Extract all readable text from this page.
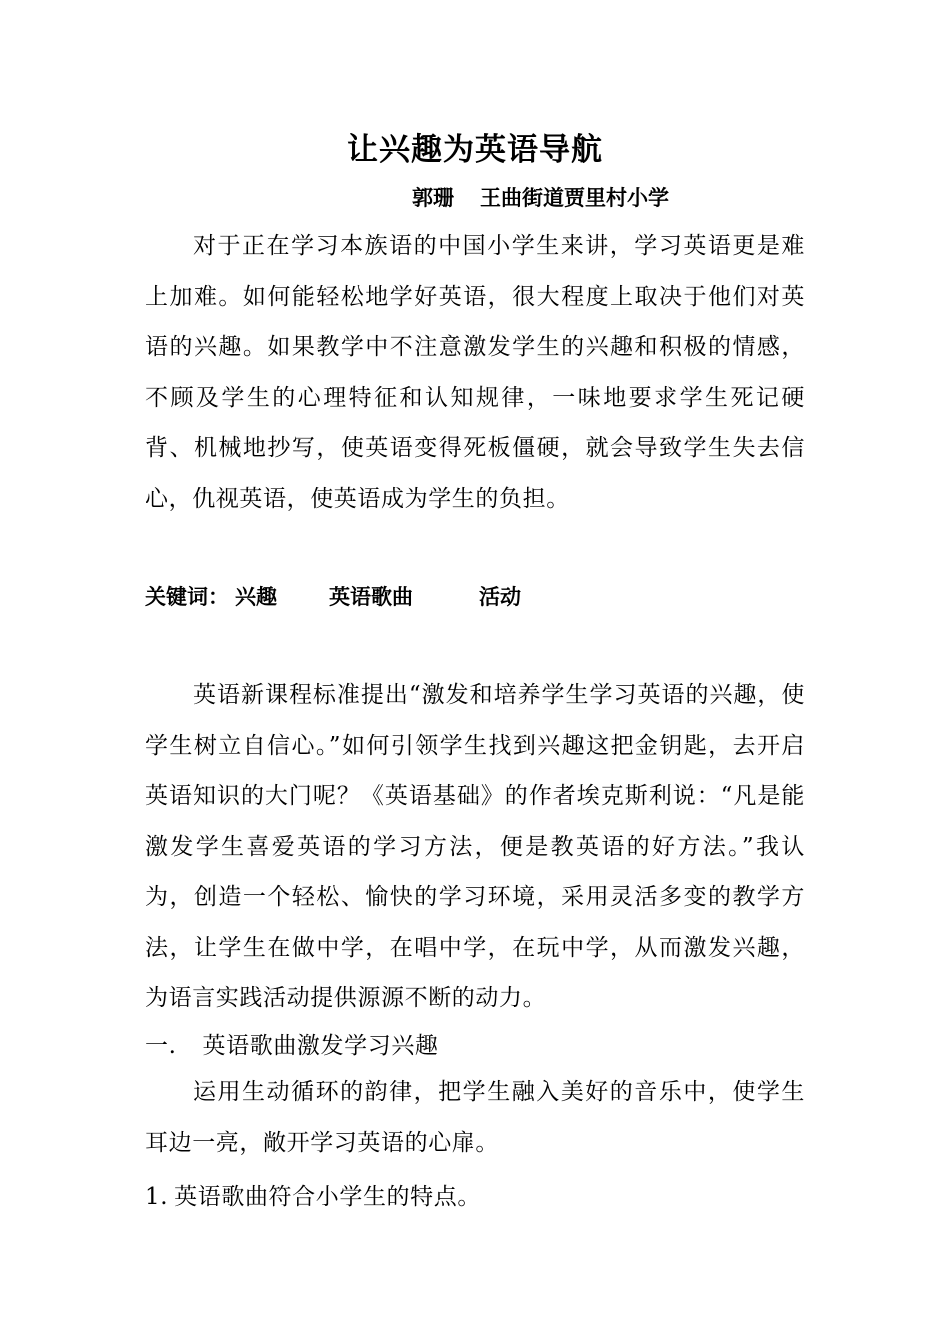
让兴趣为英语导航
郭珊 王曲街道贾里村小学

对于正在学习本族语的中国小学生来讲，学习英语更是难上加难。如何能轻松地学好英语，很大程度上取决于他们对英语的兴趣。如果教学中不注意激发学生的兴趣和积极的情感，不顾及学生的心理特征和认知规律，一味地要求学生死记硬背、机械地抄写，使英语变得死板僵硬，就会导致学生失去信心，仇视英语，使英语成为学生的负担。

关键词： 兴趣 英语歌曲	活动

英语新课程标准提出“激发和培养学生学习英语的兴趣，使学生树立自信心。”如何引领学生找到兴趣这把金钥匙，去开启英语知识的大门呢？《英语基础》的作者埃克斯利说：“凡是能激发学生喜爱英语的学习方法，便是教英语的好方法。”我认为，创造一个轻松、愉快的学习环境，采用灵活多变的教学方法，让学生在做中学，在唱中学，在玩中学，从而激发兴趣，为语言实践活动提供源源不断的动力。

一. 英语歌曲激发学习兴趣

运用生动循环的韵律，把学生融入美好的音乐中，使学生耳边一亮，敞开学习英语的心扉。

1. 英语歌曲符合小学生的特点。
